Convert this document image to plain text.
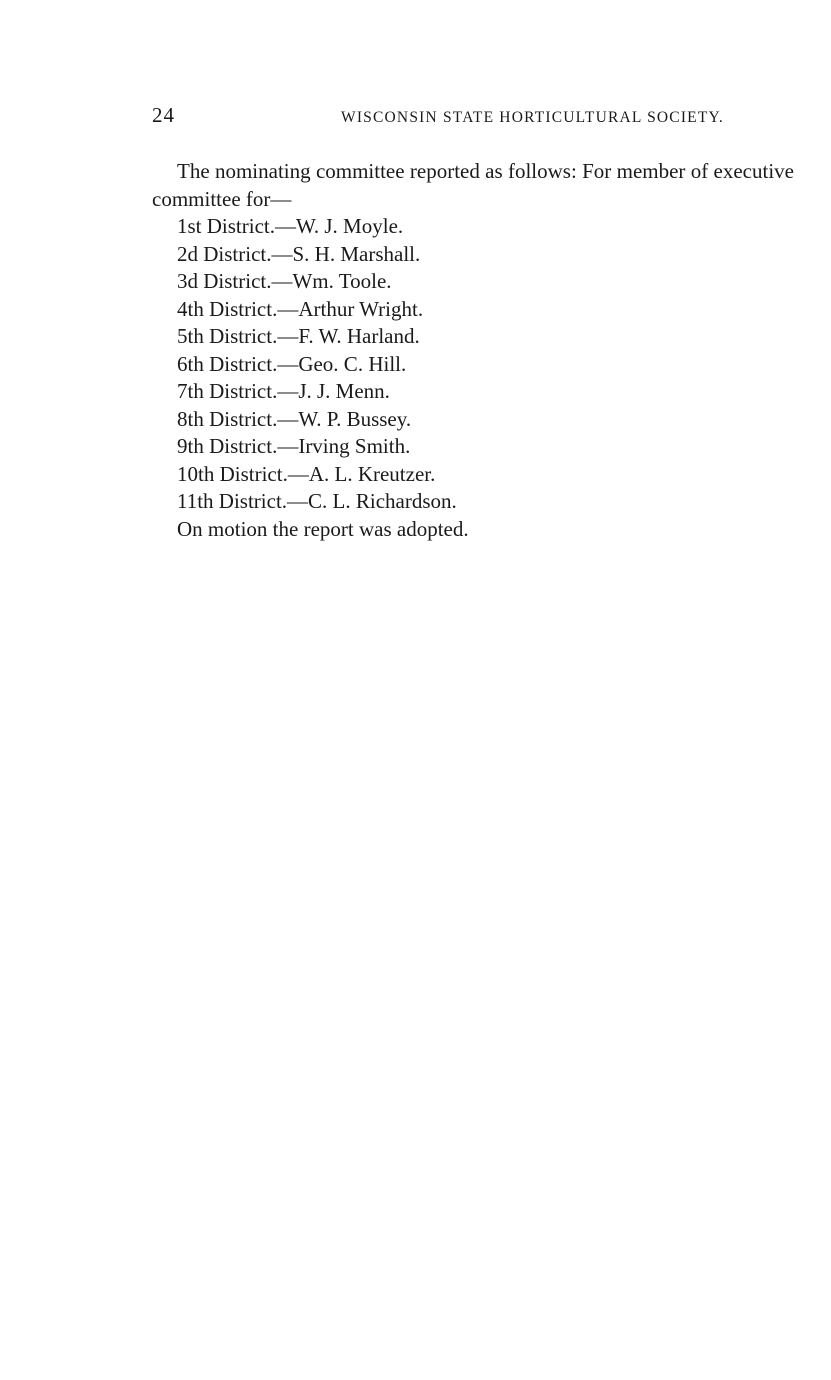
24	WISCONSIN STATE HORTICULTURAL SOCIETY.

The nominating committee reported as follows: For member of executive committee for—

1st District.—W. J. Moyle.
2d District.—S. H. Marshall.
3d District.—Wm. Toole.
4th District.—Arthur Wright.
5th District.—F. W. Harland.
6th District.—Geo. C. Hill.
7th District.—J. J. Menn.
8th District.—W. P. Bussey.
9th District.—Irving Smith.
10th District.—A. L. Kreutzer.
11th District.—C. L. Richardson.

On motion the report was adopted.
